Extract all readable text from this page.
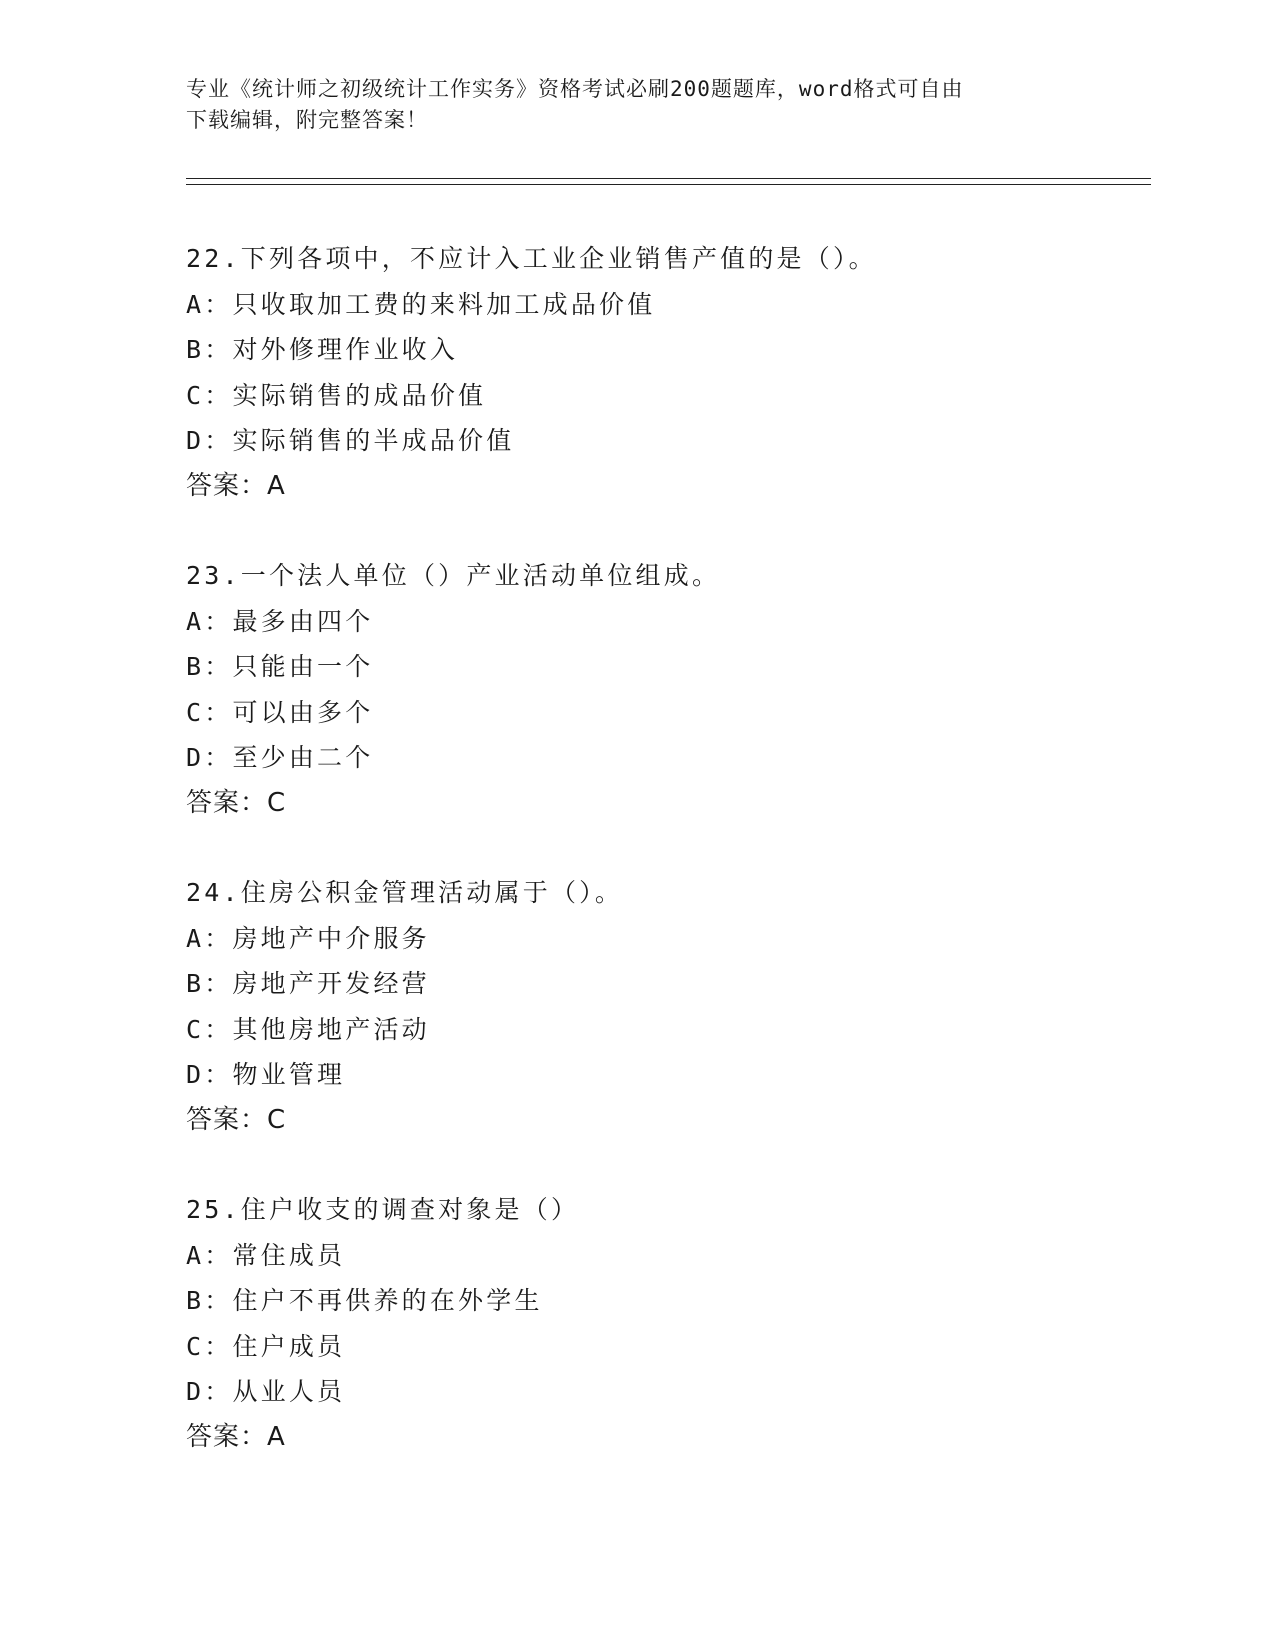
专业《统计师之初级统计工作实务》资格考试必刷200题题库，word格式可自由

下载编辑，附完整答案！

22.下列各项中，不应计入工业企业销售产值的是（）。
A：只收取加工费的来料加工成品价值
B：对外修理作业收入
C：实际销售的成品价值
D：实际销售的半成品价值
答案：A
23.一个法人单位（）产业活动单位组成。
A：最多由四个
B：只能由一个
C：可以由多个
D：至少由二个
答案：C
24.住房公积金管理活动属于（）。
A：房地产中介服务
B：房地产开发经营
C：其他房地产活动
D：物业管理
答案：C
25.住户收支的调查对象是（）
A：常住成员
B：住户不再供养的在外学生
C：住户成员
D：从业人员
答案：A
